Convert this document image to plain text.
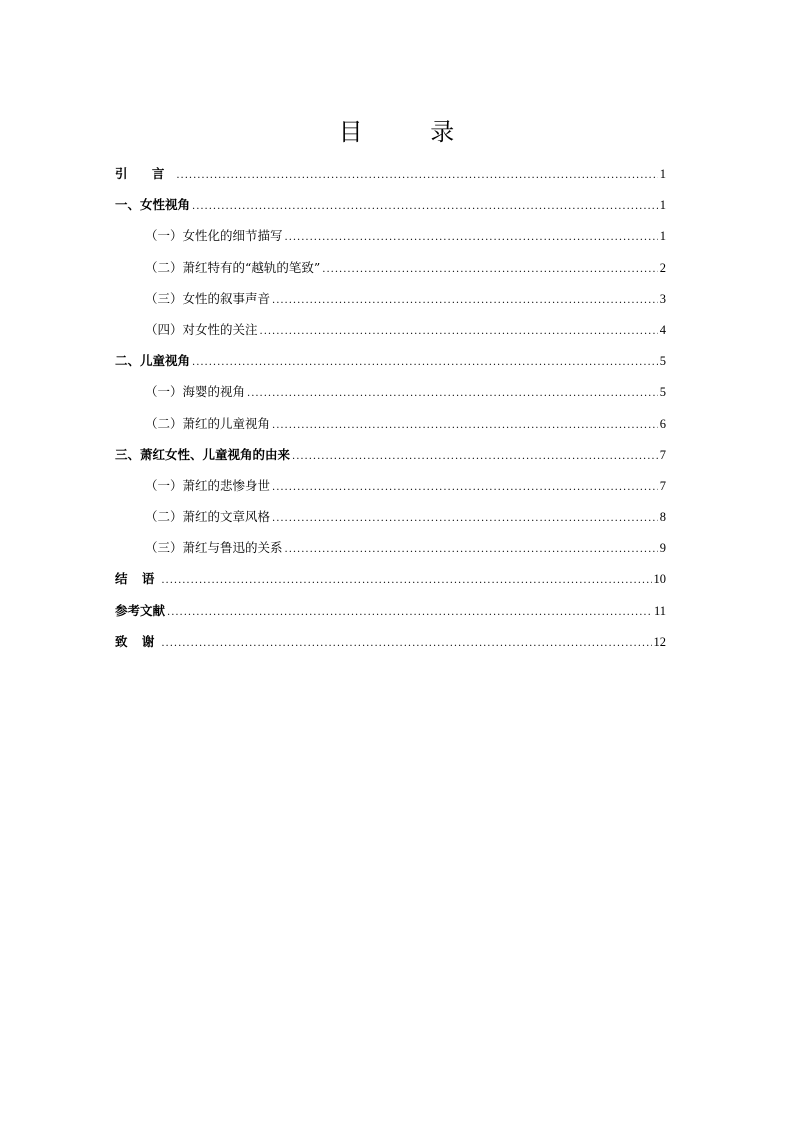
目 录
引 言 .....	1
一、女性视角 .....	1
（一）女性化的细节描写 .....	1
（二）萧红特有的“越轨的笔致” .....	2
（三）女性的叙事声音 .....	3
（四）对女性的关注 .....	4
二、儿童视角 .....	5
（一）海婴的视角 .....	5
（二）萧红的儿童视角 .....	6
三、萧红女性、儿童视角的由来 .....	7
（一）萧红的悲惨身世 .....	7
（二）萧红的文章风格 .....	8
（三）萧红与鲁迅的关系 .....	9
结 语 .....	10
参考文献 .....	11
致 谢 .....	12
